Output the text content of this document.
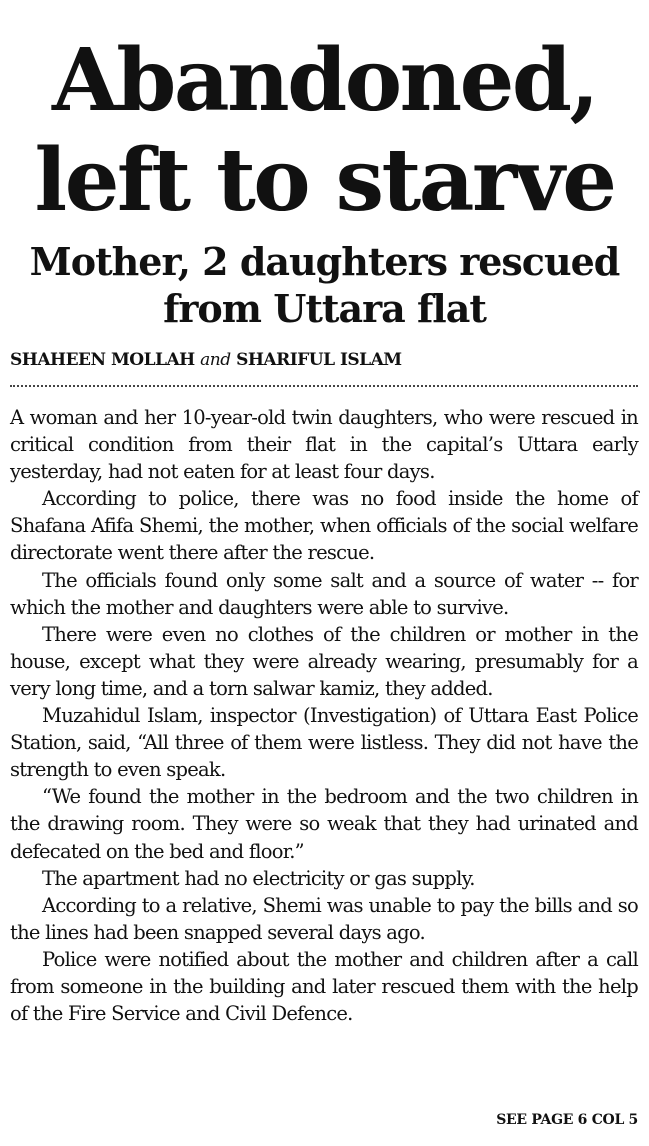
Abandoned,
left to starve
Mother, 2 daughters rescued
from Uttara flat
SHAHEEN MOLLAH and SHARIFUL ISLAM

A woman and her 10-year-old twin daughters, who were rescued in critical condition from their flat in the capital’s Uttara early yesterday, had not eaten for at least four days.

According to police, there was no food inside the home of Shafana Afifa Shemi, the mother, when officials of the social welfare directorate went there after the rescue.

The officials found only some salt and a source of water -- for which the mother and daughters were able to survive.

There were even no clothes of the children or mother in the house, except what they were already wearing, presumably for a very long time, and a torn salwar kamiz, they added.

Muzahidul Islam, inspector (Investigation) of Uttara East Police Station, said, “All three of them were listless. They did not have the strength to even speak.

“We found the mother in the bedroom and the two children in the drawing room. They were so weak that they had urinated and defecated on the bed and floor.”

The apartment had no electricity or gas supply.

According to a relative, Shemi was unable to pay the bills and so the lines had been snapped several days ago.

Police were notified about the mother and children after a call from someone in the building and later rescued them with the help of the Fire Service and Civil Defence.

SEE PAGE 6 COL 5
